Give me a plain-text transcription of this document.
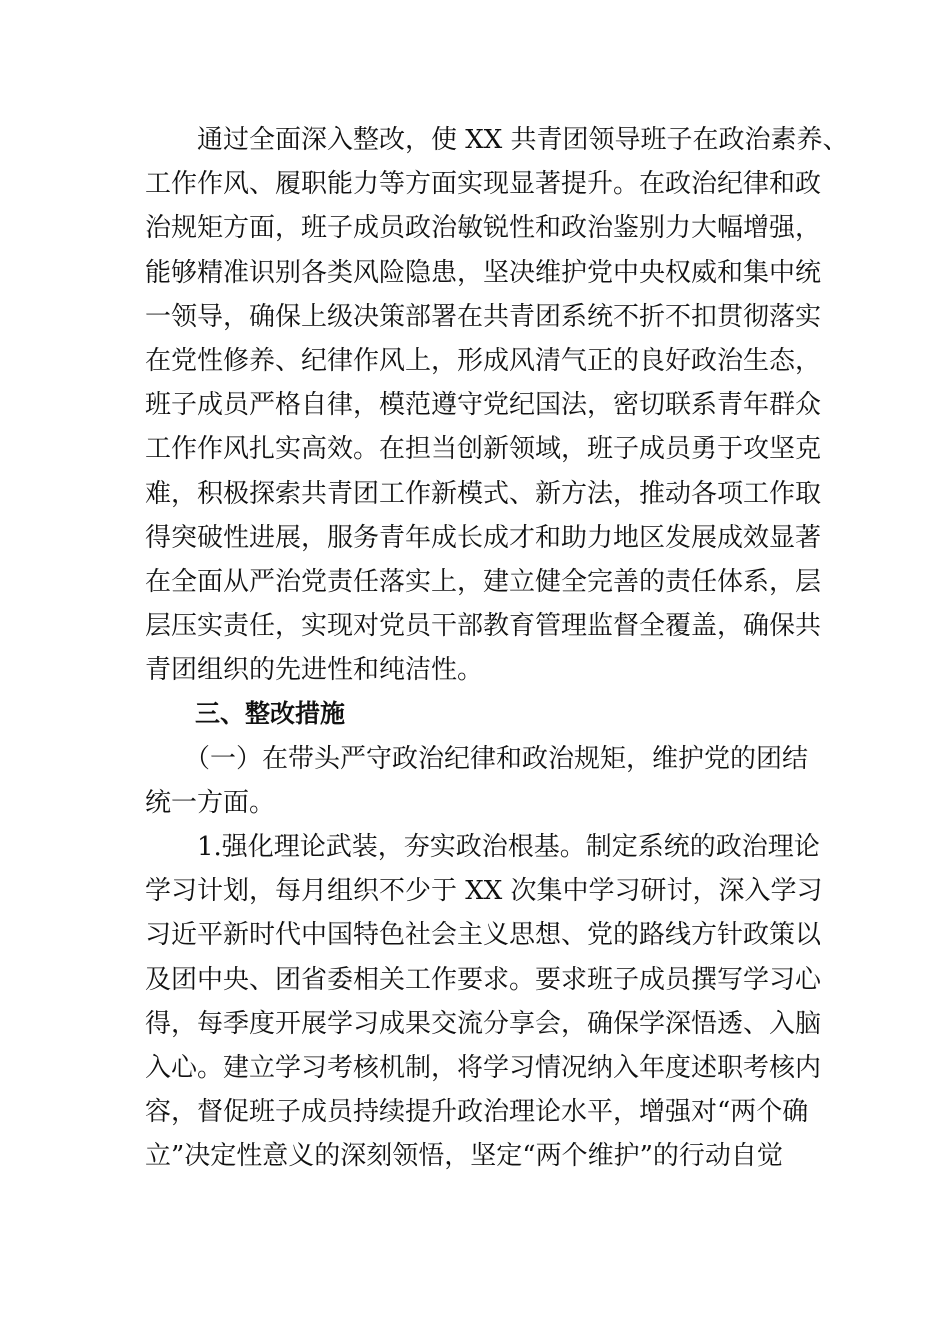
　　通过全面深入整改，使 XX 共青团领导班子在政治素养、
工作作风、履职能力等方面实现显著提升。在政治纪律和政
治规矩方面，班子成员政治敏锐性和政治鉴别力大幅增强，
能够精准识别各类风险隐患，坚决维护党中央权威和集中统
一领导，确保上级决策部署在共青团系统不折不扣贯彻落实
在党性修养、纪律作风上，形成风清气正的良好政治生态，
班子成员严格自律，模范遵守党纪国法，密切联系青年群众
工作作风扎实高效。在担当创新领域，班子成员勇于攻坚克
难，积极探索共青团工作新模式、新方法，推动各项工作取
得突破性进展，服务青年成长成才和助力地区发展成效显著
在全面从严治党责任落实上，建立健全完善的责任体系，层
层压实责任，实现对党员干部教育管理监督全覆盖，确保共
青团组织的先进性和纯洁性。
　　三、整改措施
　　（一）在带头严守政治纪律和政治规矩，维护党的团结
统一方面。
　　1.强化理论武装，夯实政治根基。制定系统的政治理论
学习计划，每月组织不少于 XX 次集中学习研讨，深入学习
习近平新时代中国特色社会主义思想、党的路线方针政策以
及团中央、团省委相关工作要求。要求班子成员撰写学习心
得，每季度开展学习成果交流分享会，确保学深悟透、入脑
入心。建立学习考核机制，将学习情况纳入年度述职考核内
容，督促班子成员持续提升政治理论水平，增强对“两个确
立”决定性意义的深刻领悟，坚定“两个维护”的行动自觉
